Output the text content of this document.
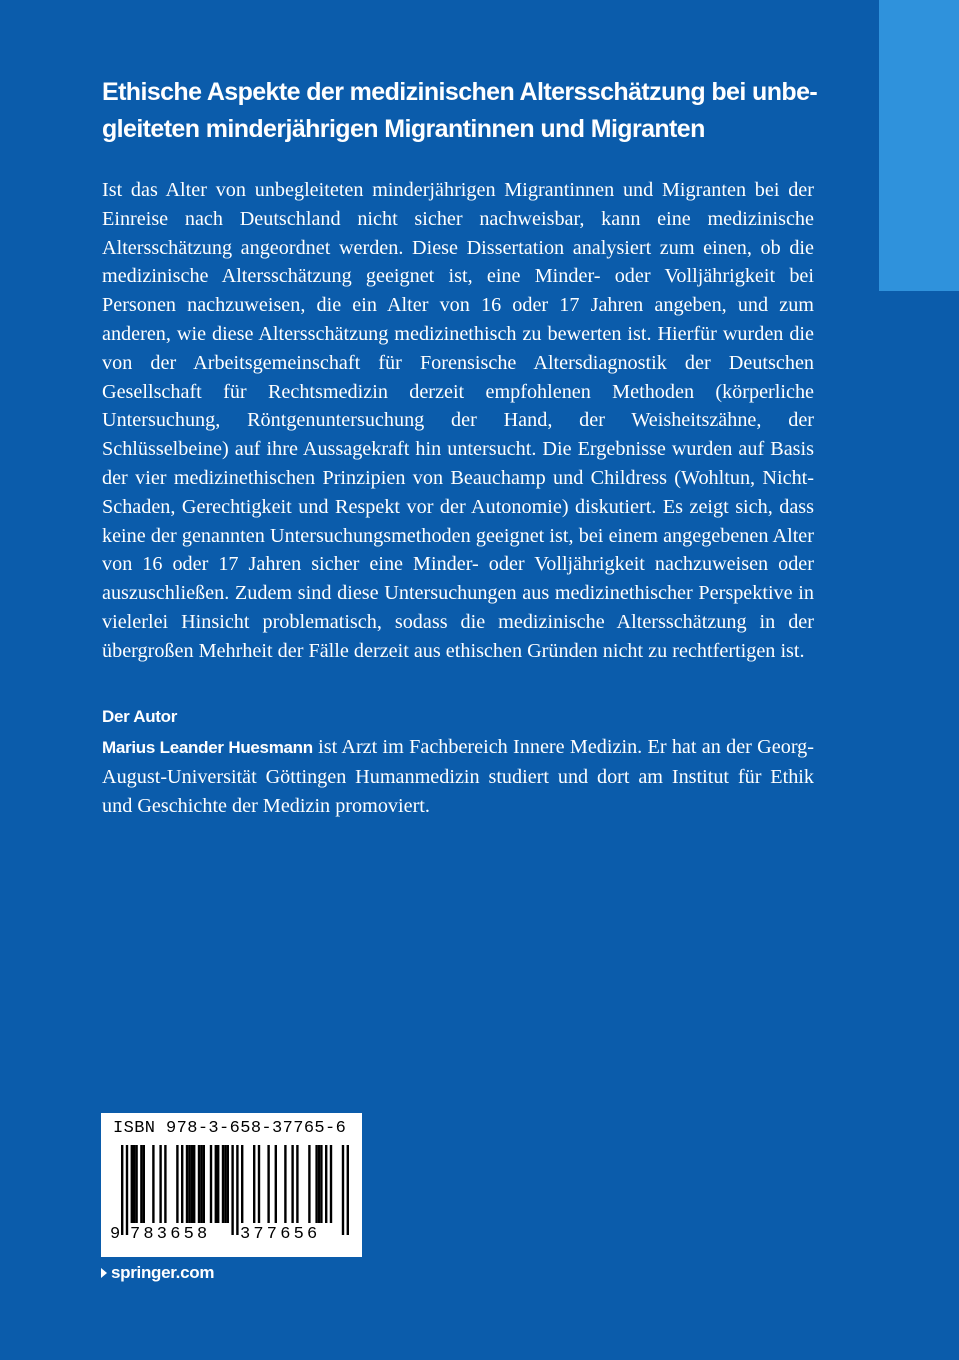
Ethische Aspekte der medizinischen Altersschätzung bei unbe-
gleiteten minderjährigen Migrantinnen und Migranten

Ist das Alter von unbegleiteten minderjährigen Migrantinnen und Migranten bei der Einreise nach Deutschland nicht sicher nachweisbar, kann eine medizinische Altersschätzung angeordnet werden. Diese Dissertation analysiert zum einen, ob die medizinische Altersschätzung geeignet ist, eine Minder- oder Volljährigkeit bei Personen nachzuweisen, die ein Alter von 16 oder 17 Jahren angeben, und zum anderen, wie diese Altersschätzung medizinethisch zu bewerten ist. Hierfür wurden die von der Arbeitsgemeinschaft für Forensische Altersdiagnostik der Deutschen Gesellschaft für Rechtsmedizin derzeit empfohlenen Methoden (körperliche Untersuchung, Röntgenuntersuchung der Hand, der Weisheitszähne, der Schlüsselbeine) auf ihre Aussagekraft hin untersucht. Die Ergebnisse wurden auf Basis der vier medizinethischen Prinzipien von Beauchamp und Childress (Wohltun, Nicht-Schaden, Gerechtigkeit und Respekt vor der Autonomie) diskutiert. Es zeigt sich, dass keine der genannten Untersuchungsmethoden geeignet ist, bei einem angegebenen Alter von 16 oder 17 Jahren sicher eine Minder- oder Volljährigkeit nachzuweisen oder auszuschließen. Zudem sind diese Untersuchungen aus medizinethischer Perspektive in vielerlei Hinsicht problematisch, sodass die medizinische Altersschätzung in der übergroßen Mehrheit der Fälle derzeit aus ethischen Gründen nicht zu rechtfertigen ist.

Der Autor

Marius Leander Huesmann ist Arzt im Fachbereich Innere Medizin. Er hat an der Georg-August-Universität Göttingen Humanmedizin studiert und dort am Institut für Ethik und Geschichte der Medizin promoviert.

ISBN 978-3-658-37765-6
9 783658 377656
springer.com
